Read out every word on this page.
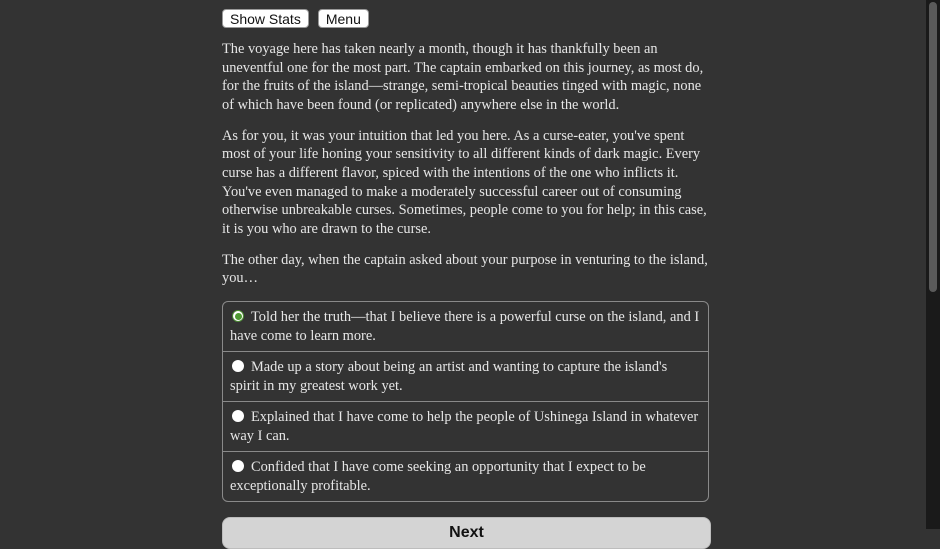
Show Stats	Menu

The voyage here has taken nearly a month, though it has thankfully been an uneventful one for the most part. The captain embarked on this journey, as most do, for the fruits of the island—strange, semi-tropical beauties tinged with magic, none of which have been found (or replicated) anywhere else in the world.

As for you, it was your intuition that led you here. As a curse-eater, you've spent most of your life honing your sensitivity to all different kinds of dark magic. Every curse has a different flavor, spiced with the intentions of the one who inflicts it. You've even managed to make a moderately successful career out of consuming otherwise unbreakable curses. Sometimes, people come to you for help; in this case, it is you who are drawn to the curse.

The other day, when the captain asked about your purpose in venturing to the island, you…

Told her the truth—that I believe there is a powerful curse on the island, and I have come to learn more.
Made up a story about being an artist and wanting to capture the island's spirit in my greatest work yet.
Explained that I have come to help the people of Ushinega Island in whatever way I can.
Confided that I have come seeking an opportunity that I expect to be exceptionally profitable.
Next
